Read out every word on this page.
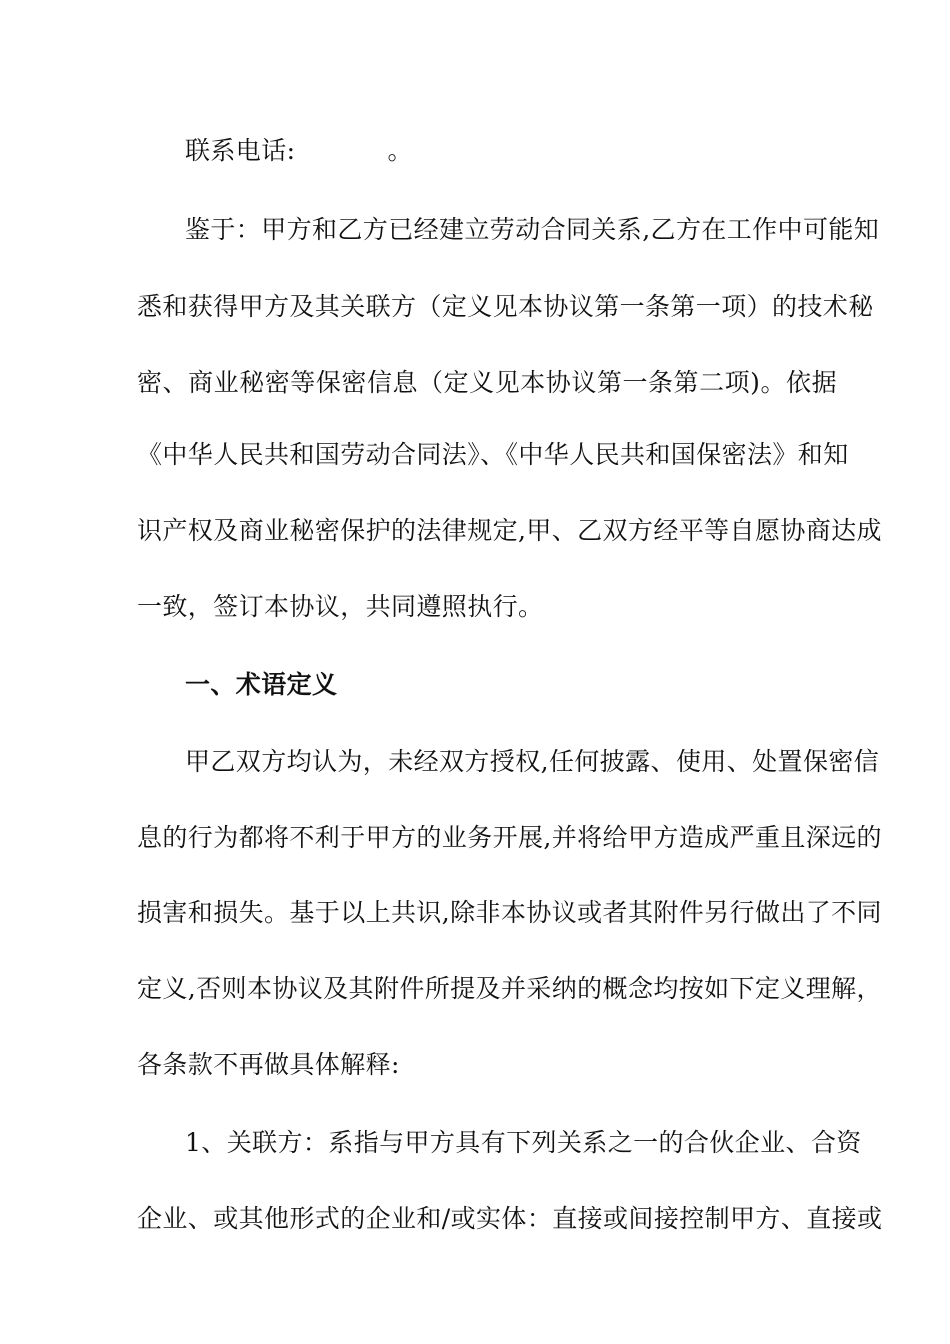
联系电话:	。
鉴于：甲方和乙方已经建立劳动合同关系,乙方在工作中可能知
悉和获得甲方及其关联方（定义见本协议第一条第一项）的技术秘
密、商业秘密等保密信息（定义见本协议第一条第二项)。依据
《中华人民共和国劳动合同法》、《中华人民共和国保密法》和知
识产权及商业秘密保护的法律规定,甲、乙双方经平等自愿协商达成
一致，签订本协议，共同遵照执行。
一、术语定义
甲乙双方均认为，未经双方授权,任何披露、使用、处置保密信
息的行为都将不利于甲方的业务开展,并将给甲方造成严重且深远的
损害和损失。基于以上共识,除非本协议或者其附件另行做出了不同
定义,否则本协议及其附件所提及并采纳的概念均按如下定义理解，
各条款不再做具体解释:
1、关联方：系指与甲方具有下列关系之一的合伙企业、合资
企业、或其他形式的企业和/或实体：直接或间接控制甲方、直接或
